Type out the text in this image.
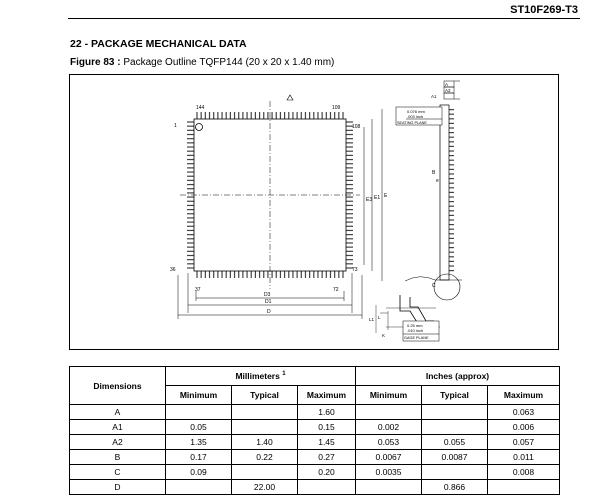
ST10F269-T3
22 - PACKAGE MECHANICAL DATA
Figure 83 : Package Outline TQFP144 (20 x 20 x 1.40 mm)
144	109
1	108
36	73
37	72
D3
D1
D
E3 E1 E
A
A2
A1
0.076 mm
.003 inch
SEATING PLANE
B
e
C
L
L1
K
0.25 mm
.010 inch
GAGE PLANE
Dimensions	Millimeters $^1$			Inches (approx)		
	Minimum	Typical	Maximum	Minimum	Typical	Maximum
A			1.60			0.063
A1	0.05		0.15	0.002		0.006
A2	1.35	1.40	1.45	0.053	0.055	0.057
B	0.17	0.22	0.27	0.0067	0.0087	0.011
C	0.09		0.20	0.0035		0.008
D		22.00			0.866	
